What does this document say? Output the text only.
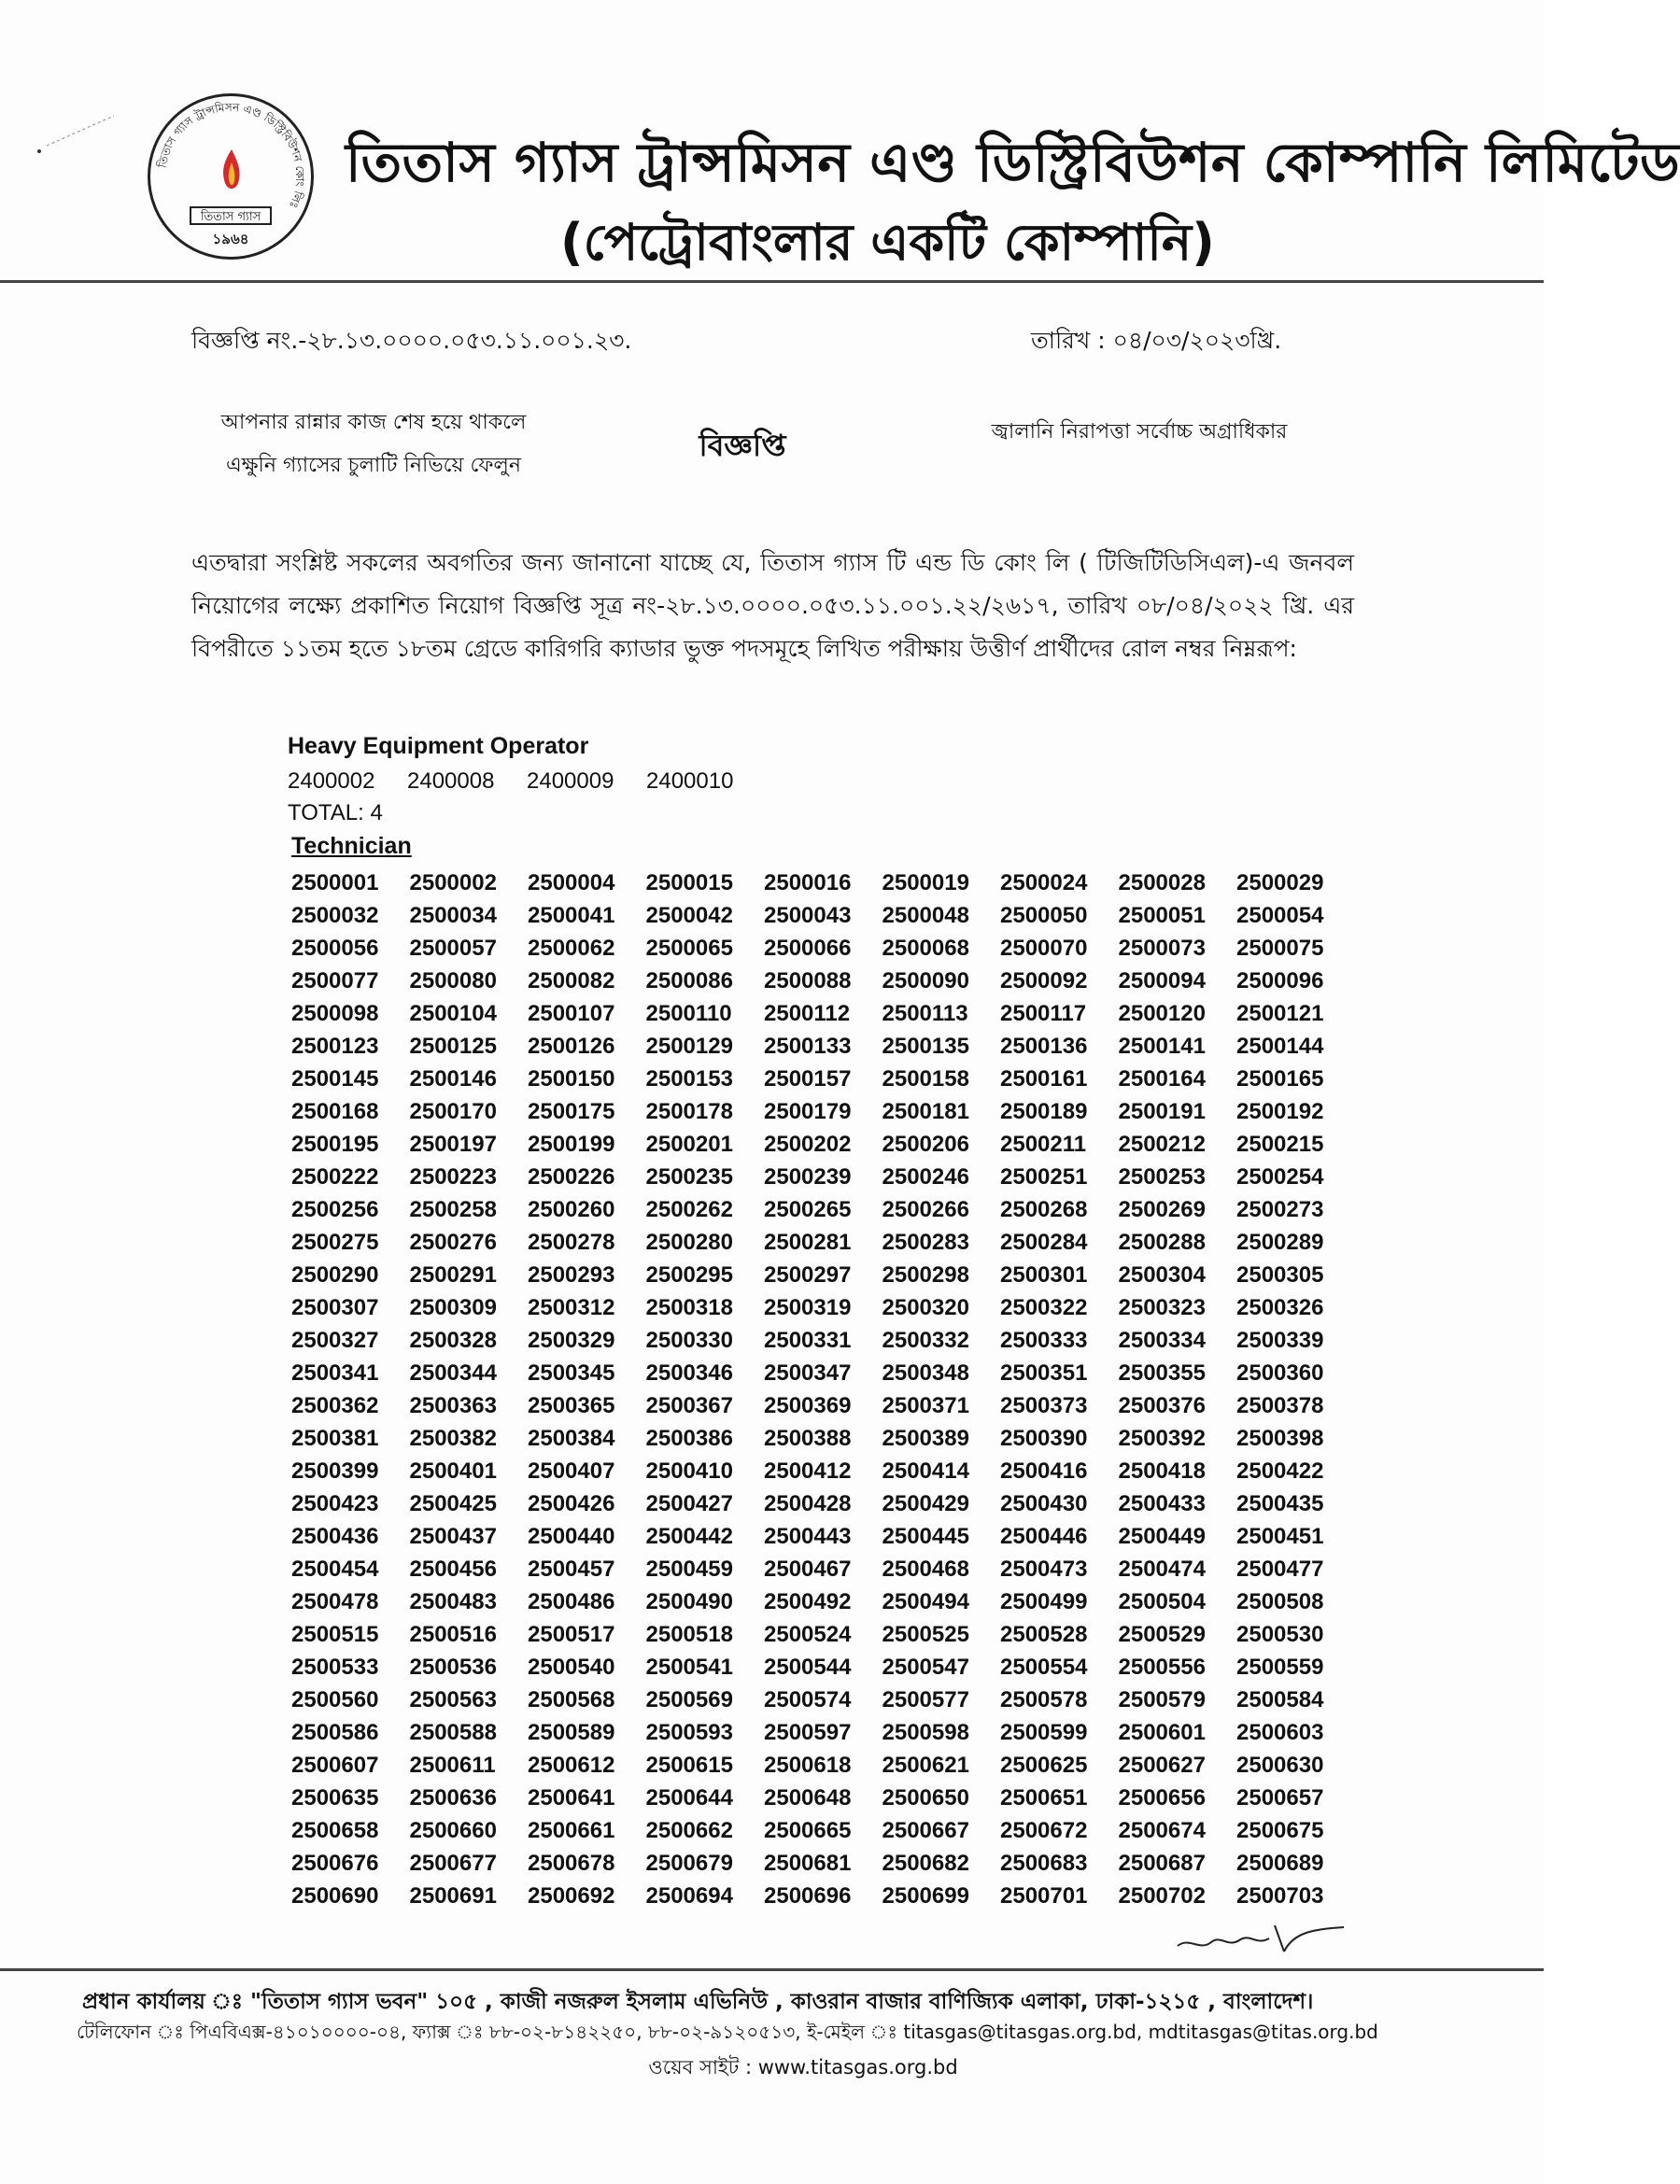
তিতাস গ্যাস ট্রান্সমিসন এণ্ড ডিস্ট্রিবিউশন কোং লিঃ
তিতাস গ্যাস
১৯৬৪
তিতাস গ্যাস ট্রান্সমিসন এণ্ড ডিস্ট্রিবিউশন কোম্পানি লিমিটেড
(পেট্রোবাংলার একটি কোম্পানি)
বিজ্ঞপ্তি নং.-২৮.১৩.০০০০.০৫৩.১১.০০১.২৩.	তারিখ : ০৪/০৩/২০২৩খ্রি.
আপনার রান্নার কাজ শেষ হয়ে থাকলে
এক্ষুনি গ্যাসের চুলাটি নিভিয়ে ফেলুন
বিজ্ঞপ্তি	জ্বালানি নিরাপত্তা সর্বোচ্চ অগ্রাধিকার
এতদ্বারা সংশ্লিষ্ট সকলের অবগতির জন্য জানানো যাচ্ছে যে, তিতাস গ্যাস টি এন্ড ডি কোং লি ( টিজিটিডিসিএল)-এ জনবল নিয়োগের লক্ষ্যে প্রকাশিত নিয়োগ বিজ্ঞপ্তি সূত্র নং-২৮.১৩.০০০০.০৫৩.১১.০০১.২২/২৬১৭, তারিখ ০৮/০৪/২০২২ খ্রি. এর বিপরীতে ১১তম হতে ১৮তম গ্রেডে কারিগরি ক্যাডার ভুক্ত পদসমূহে লিখিত পরীক্ষায় উত্তীর্ণ প্রার্থীদের রোল নম্বর নিম্নরূপ:
Heavy Equipment Operator
2400002	2400008	2400009	2400010
TOTAL: 4
Technician
2500001	2500002	2500004	2500015	2500016	2500019	2500024	2500028	2500029
2500032	2500034	2500041	2500042	2500043	2500048	2500050	2500051	2500054
2500056	2500057	2500062	2500065	2500066	2500068	2500070	2500073	2500075
2500077	2500080	2500082	2500086	2500088	2500090	2500092	2500094	2500096
2500098	2500104	2500107	2500110	2500112	2500113	2500117	2500120	2500121
2500123	2500125	2500126	2500129	2500133	2500135	2500136	2500141	2500144
2500145	2500146	2500150	2500153	2500157	2500158	2500161	2500164	2500165
2500168	2500170	2500175	2500178	2500179	2500181	2500189	2500191	2500192
2500195	2500197	2500199	2500201	2500202	2500206	2500211	2500212	2500215
2500222	2500223	2500226	2500235	2500239	2500246	2500251	2500253	2500254
2500256	2500258	2500260	2500262	2500265	2500266	2500268	2500269	2500273
2500275	2500276	2500278	2500280	2500281	2500283	2500284	2500288	2500289
2500290	2500291	2500293	2500295	2500297	2500298	2500301	2500304	2500305
2500307	2500309	2500312	2500318	2500319	2500320	2500322	2500323	2500326
2500327	2500328	2500329	2500330	2500331	2500332	2500333	2500334	2500339
2500341	2500344	2500345	2500346	2500347	2500348	2500351	2500355	2500360
2500362	2500363	2500365	2500367	2500369	2500371	2500373	2500376	2500378
2500381	2500382	2500384	2500386	2500388	2500389	2500390	2500392	2500398
2500399	2500401	2500407	2500410	2500412	2500414	2500416	2500418	2500422
2500423	2500425	2500426	2500427	2500428	2500429	2500430	2500433	2500435
2500436	2500437	2500440	2500442	2500443	2500445	2500446	2500449	2500451
2500454	2500456	2500457	2500459	2500467	2500468	2500473	2500474	2500477
2500478	2500483	2500486	2500490	2500492	2500494	2500499	2500504	2500508
2500515	2500516	2500517	2500518	2500524	2500525	2500528	2500529	2500530
2500533	2500536	2500540	2500541	2500544	2500547	2500554	2500556	2500559
2500560	2500563	2500568	2500569	2500574	2500577	2500578	2500579	2500584
2500586	2500588	2500589	2500593	2500597	2500598	2500599	2500601	2500603
2500607	2500611	2500612	2500615	2500618	2500621	2500625	2500627	2500630
2500635	2500636	2500641	2500644	2500648	2500650	2500651	2500656	2500657
2500658	2500660	2500661	2500662	2500665	2500667	2500672	2500674	2500675
2500676	2500677	2500678	2500679	2500681	2500682	2500683	2500687	2500689
2500690	2500691	2500692	2500694	2500696	2500699	2500701	2500702	2500703
প্রধান কার্যালয় ঃ "তিতাস গ্যাস ভবন" ১০৫ , কাজী নজরুল ইসলাম এভিনিউ , কাওরান বাজার বাণিজ্যিক এলাকা, ঢাকা-১২১৫ , বাংলাদেশ।
টেলিফোন ঃ পিএবিএক্স-৪১০১০০০০-০৪, ফ্যাক্স ঃ ৮৮-০২-৮১৪২২৫০, ৮৮-০২-৯১২০৫১৩, ই-মেইল ঃ titasgas@titasgas.org.bd, mdtitasgas@titas.org.bd
ওয়েব সাইট : www.titasgas.org.bd
